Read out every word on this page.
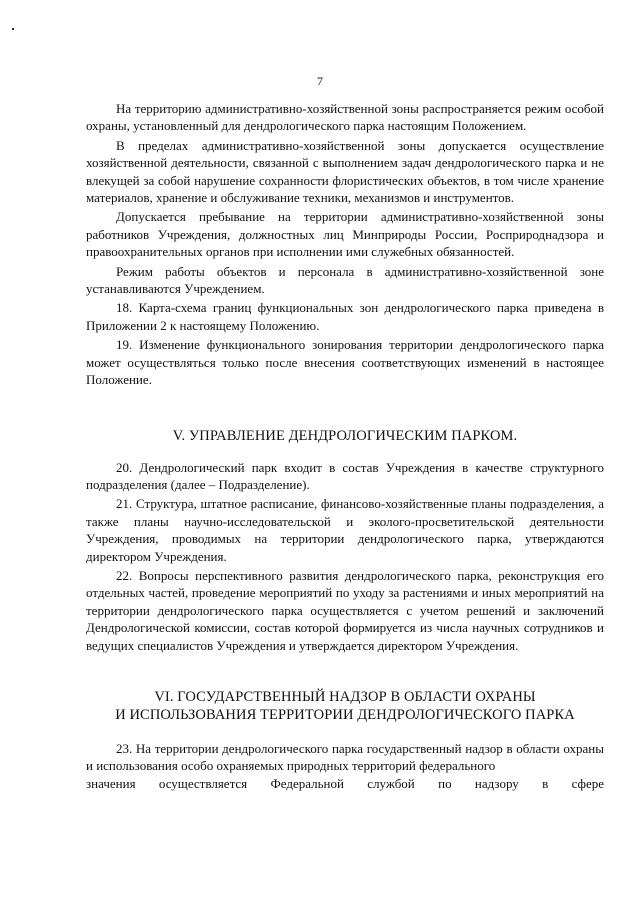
7

На территорию административно-хозяйственной зоны распространяется режим особой охраны, установленный для дендрологического парка настоящим Положением.

В пределах административно-хозяйственной зоны допускается осуществление хозяйственной деятельности, связанной с выполнением задач дендрологического парка и не влекущей за собой нарушение сохранности флористических объектов, в том числе хранение материалов, хранение и обслуживание техники, механизмов и инструментов.

Допускается пребывание на территории административно-хозяйственной зоны работников Учреждения, должностных лиц Минприроды России, Росприроднадзора и правоохранительных органов при исполнении ими служебных обязанностей.

Режим работы объектов и персонала в административно-хозяйственной зоне устанавливаются Учреждением.

18. Карта-схема границ функциональных зон дендрологического парка приведена в Приложении 2 к настоящему Положению.

19. Изменение функционального зонирования территории дендрологического парка может осуществляться только после внесения соответствующих изменений в настоящее Положение.

V. УПРАВЛЕНИЕ ДЕНДРОЛОГИЧЕСКИМ ПАРКОМ.

20. Дендрологический парк входит в состав Учреждения в качестве структурного подразделения (далее – Подразделение).

21. Структура, штатное расписание, финансово-хозяйственные планы подразделения, а также планы научно-исследовательской и эколого-просветительской деятельности Учреждения, проводимых на территории дендрологического парка, утверждаются директором Учреждения.

22. Вопросы перспективного развития дендрологического парка, реконструкция его отдельных частей, проведение мероприятий по уходу за растениями и иных мероприятий на территории дендрологического парка осуществляется с учетом решений и заключений Дендрологической комиссии, состав которой формируется из числа научных сотрудников и ведущих специалистов Учреждения и утверждается директором Учреждения.

VI. ГОСУДАРСТВЕННЫЙ НАДЗОР В ОБЛАСТИ ОХРАНЫ
И ИСПОЛЬЗОВАНИЯ ТЕРРИТОРИИ ДЕНДРОЛОГИЧЕСКОГО ПАРКА

23. На территории дендрологического парка государственный надзор в области охраны и использования особо охраняемых природных территорий федерального

значения осуществляется Федеральной службой по надзору в сфере
